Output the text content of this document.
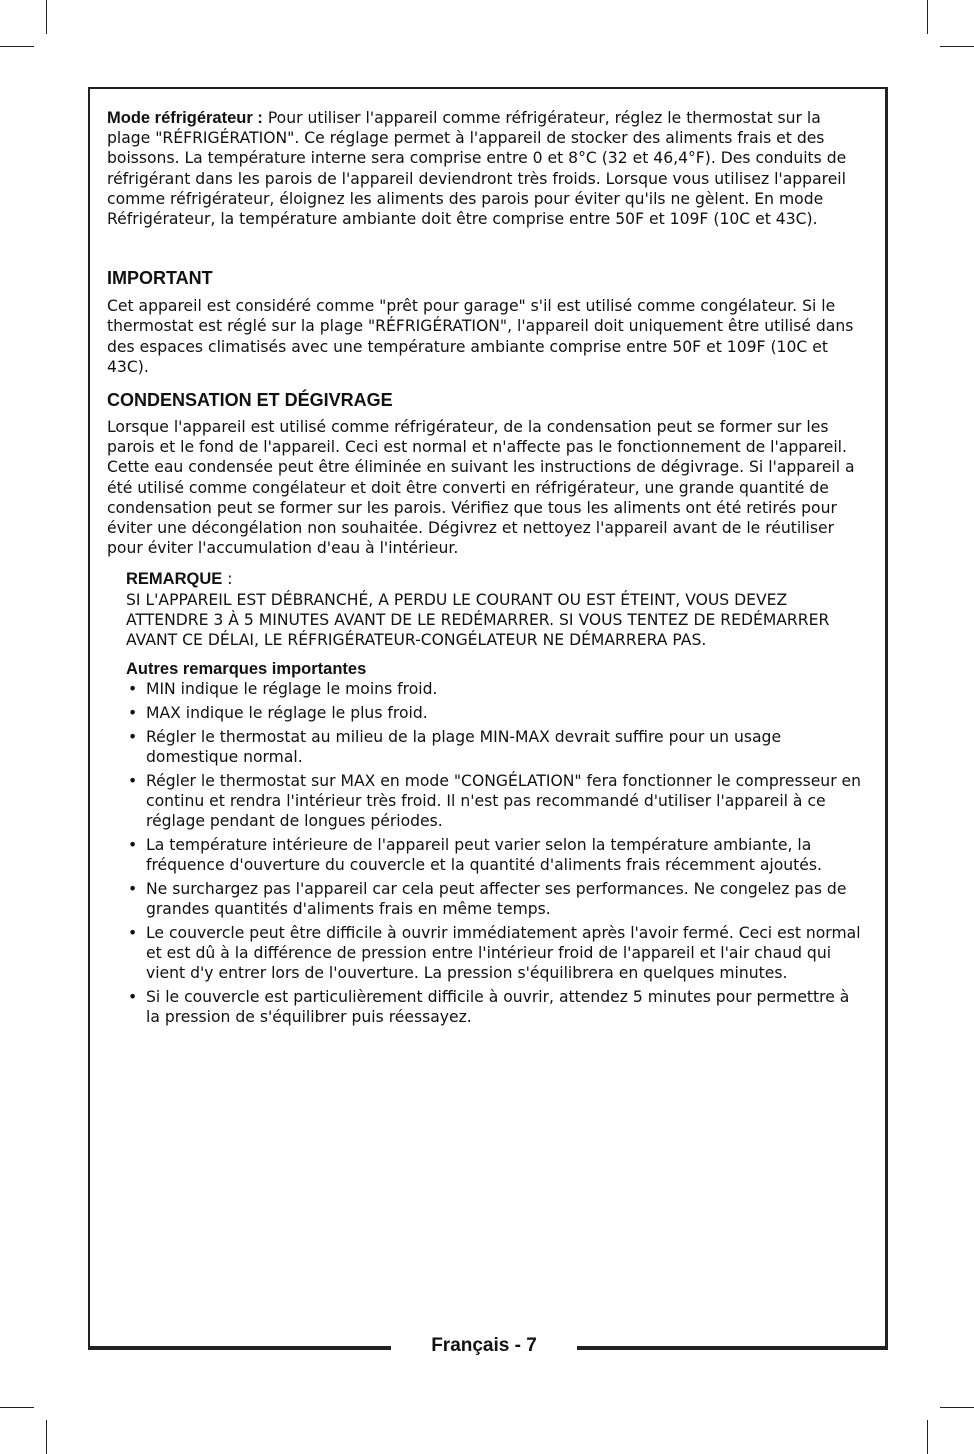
Français - 7

Mode réfrigérateur : Pour utiliser l'appareil comme réfrigérateur, réglez le thermostat sur la plage "RÉFRIGÉRATION". Ce réglage permet à l'appareil de stocker des aliments frais et des boissons. La température interne sera comprise entre 0 et 8°C (32 et 46,4°F). Des conduits de réfrigérant dans les parois de l'appareil deviendront très froids. Lorsque vous utilisez l'appareil comme réfrigérateur, éloignez les aliments des parois pour éviter qu'ils ne gèlent. En mode Réfrigérateur, la température ambiante doit être comprise entre 50F et 109F (10C et 43C).

IMPORTANT

Cet appareil est considéré comme "prêt pour garage" s'il est utilisé comme congélateur. Si le thermostat est réglé sur la plage "RÉFRIGÉRATION", l'appareil doit uniquement être utilisé dans des espaces climatisés avec une température ambiante comprise entre 50F et 109F (10C et 43C).

CONDENSATION ET DÉGIVRAGE

Lorsque l'appareil est utilisé comme réfrigérateur, de la condensation peut se former sur les parois et le fond de l'appareil. Ceci est normal et n'affecte pas le fonctionnement de l'appareil. Cette eau condensée peut être éliminée en suivant les instructions de dégivrage. Si l'appareil a été utilisé comme congélateur et doit être converti en réfrigérateur, une grande quantité de condensation peut se former sur les parois. Vérifiez que tous les aliments ont été retirés pour éviter une décongélation non souhaitée. Dégivrez et nettoyez l'appareil avant de le réutiliser pour éviter l'accumulation d'eau à l'intérieur.

REMARQUE :

SI L'APPAREIL EST DÉBRANCHÉ, A PERDU LE COURANT OU EST ÉTEINT, VOUS DEVEZ ATTENDRE 3 À 5 MINUTES AVANT DE LE REDÉMARRER. SI VOUS TENTEZ DE REDÉMARRER AVANT CE DÉLAI, LE RÉFRIGÉRATEUR-CONGÉLATEUR NE DÉMARRERA PAS.

Autres remarques importantes

• MIN indique le réglage le moins froid.
• MAX indique le réglage le plus froid.
• Régler le thermostat au milieu de la plage MIN-MAX devrait suffire pour un usage domestique normal.
• Régler le thermostat sur MAX en mode "CONGÉLATION" fera fonctionner le compresseur en continu et rendra l'intérieur très froid. Il n'est pas recommandé d'utiliser l'appareil à ce réglage pendant de longues périodes.
• La température intérieure de l'appareil peut varier selon la température ambiante, la fréquence d'ouverture du couvercle et la quantité d'aliments frais récemment ajoutés.
• Ne surchargez pas l'appareil car cela peut affecter ses performances. Ne congelez pas de grandes quantités d'aliments frais en même temps.
• Le couvercle peut être difficile à ouvrir immédiatement après l'avoir fermé. Ceci est normal et est dû à la différence de pression entre l'intérieur froid de l'appareil et l'air chaud qui vient d'y entrer lors de l'ouverture. La pression s'équilibrera en quelques minutes.
• Si le couvercle est particulièrement difficile à ouvrir, attendez 5 minutes pour permettre à la pression de s'équilibrer puis réessayez.
